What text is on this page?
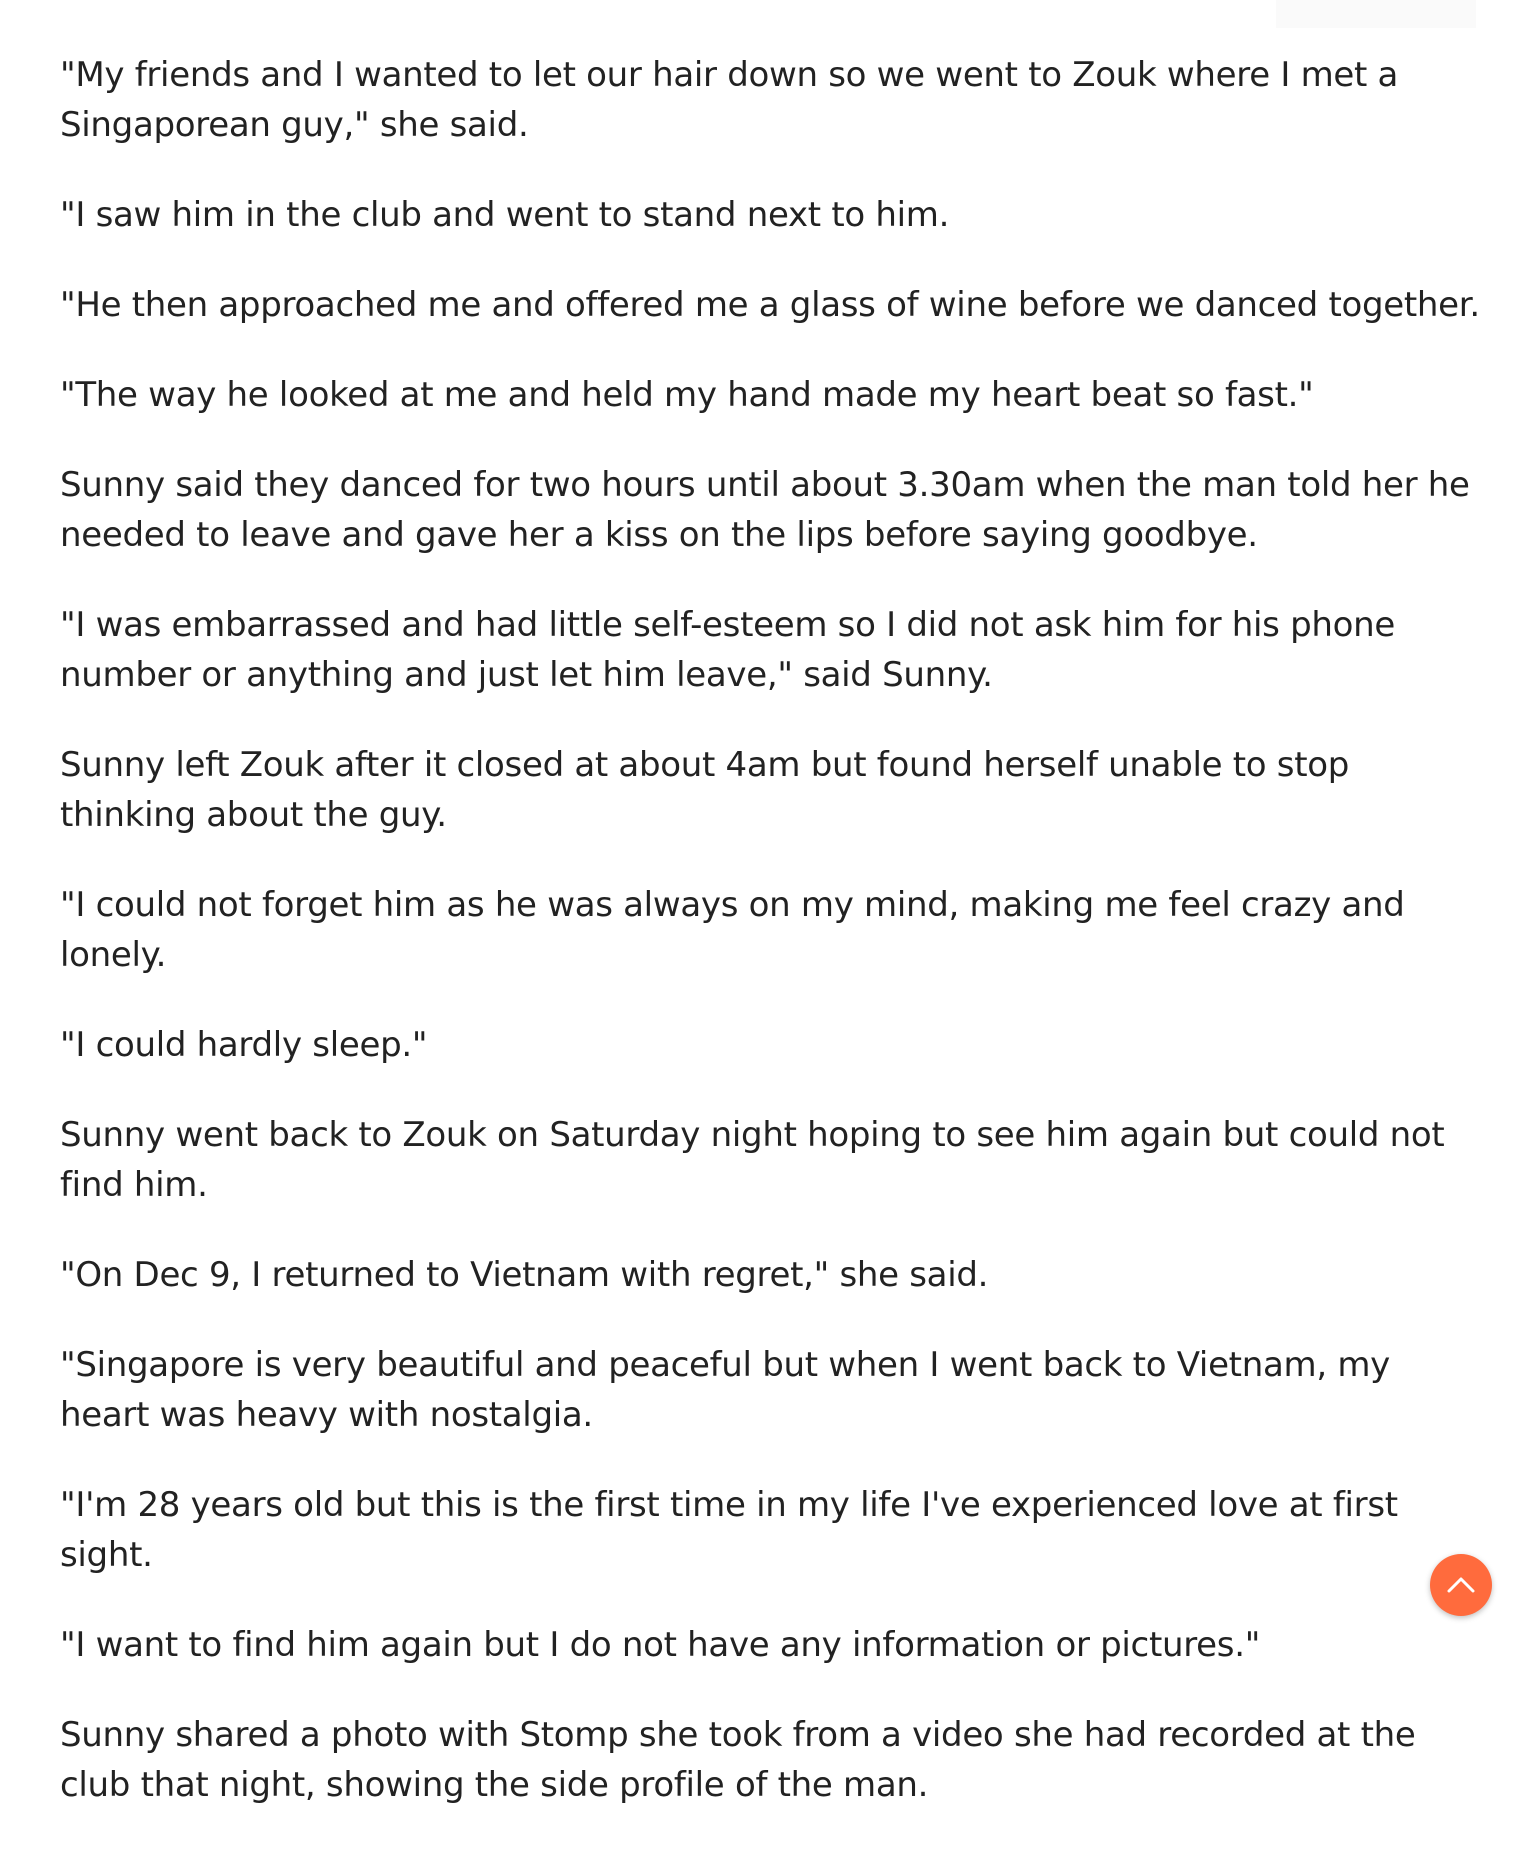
"My friends and I wanted to let our hair down so we went to Zouk where I met a Singaporean guy," she said.

"I saw him in the club and went to stand next to him.

"He then approached me and offered me a glass of wine before we danced together.

"The way he looked at me and held my hand made my heart beat so fast."

Sunny said they danced for two hours until about 3.30am when the man told her he needed to leave and gave her a kiss on the lips before saying goodbye.

"I was embarrassed and had little self-esteem so I did not ask him for his phone number or anything and just let him leave," said Sunny.

Sunny left Zouk after it closed at about 4am but found herself unable to stop thinking about the guy.

"I could not forget him as he was always on my mind, making me feel crazy and lonely.

"I could hardly sleep."

Sunny went back to Zouk on Saturday night hoping to see him again but could not find him.

"On Dec 9, I returned to Vietnam with regret," she said.

"Singapore is very beautiful and peaceful but when I went back to Vietnam, my heart was heavy with nostalgia.

"I'm 28 years old but this is the first time in my life I've experienced love at first sight.

"I want to find him again but I do not have any information or pictures."

Sunny shared a photo with Stomp she took from a video she had recorded at the club that night, showing the side profile of the man.
